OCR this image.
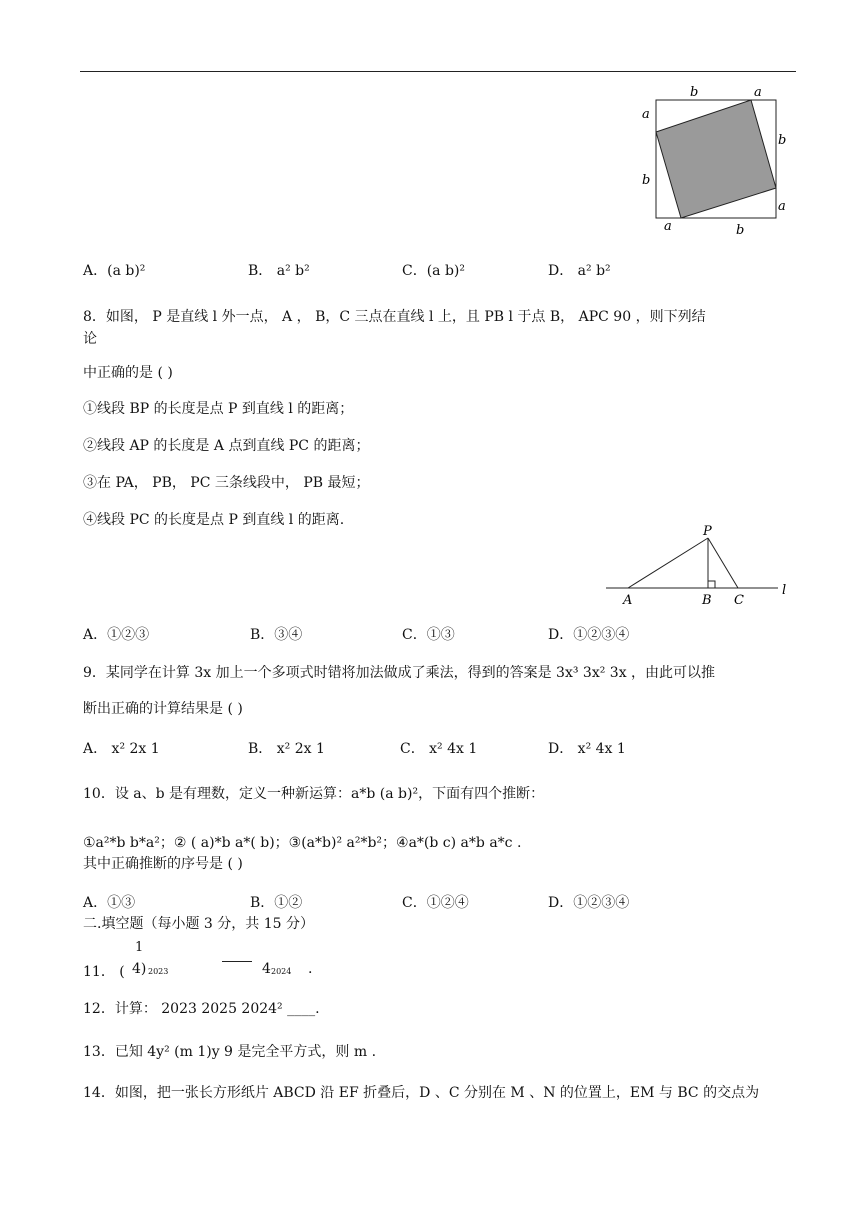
b	a
a
b
b
a
a	b
A．(a b)²	B． a² b²	C．(a b)²	D． a² b²
8．如图， P 是直线 l 外一点， A ， B，C 三点在直线 l 上，且 PB l 于点 B， APC 90 ，则下列结
论
中正确的是 ( )
①线段 BP 的长度是点 P 到直线 l 的距离；
②线段 AP 的长度是 A 点到直线 PC 的距离；
③在 PA， PB， PC 三条线段中， PB 最短；
④线段 PC 的长度是点 P 到直线 l 的距离.
P
A	B C
l
A．①②③	B．③④	C．①③	D．①②③④
9．某同学在计算 3x 加上一个多项式时错将加法做成了乘法，得到的答案是 3x³ 3x² 3x ，由此可以推
断出正确的计算结果是 ( )
A． x² 2x 1	B． x² 2x 1	C． x² 4x 1	D． x² 4x 1
10．设 a、b 是有理数，定义一种新运算：a*b (a b)²，下面有四个推断：
①a²*b b*a²；② ( a)*b a*( b)；③(a*b)² a²*b²；④a*(b c) a*b a*c .
其中正确推断的序号是 ( )
A．①③	B．①②	C．①②④	D．①②③④
二.填空题（每小题 3 分，共 15 分）
11． (
1
4) 2023	4 2024 .
12．计算： 2023 2025 2024² ____.
13．已知 4y² (m 1)y 9 是完全平方式，则 m .
14．如图，把一张长方形纸片 ABCD 沿 EF 折叠后，D 、C 分别在 M 、N 的位置上，EM 与 BC 的交点为
